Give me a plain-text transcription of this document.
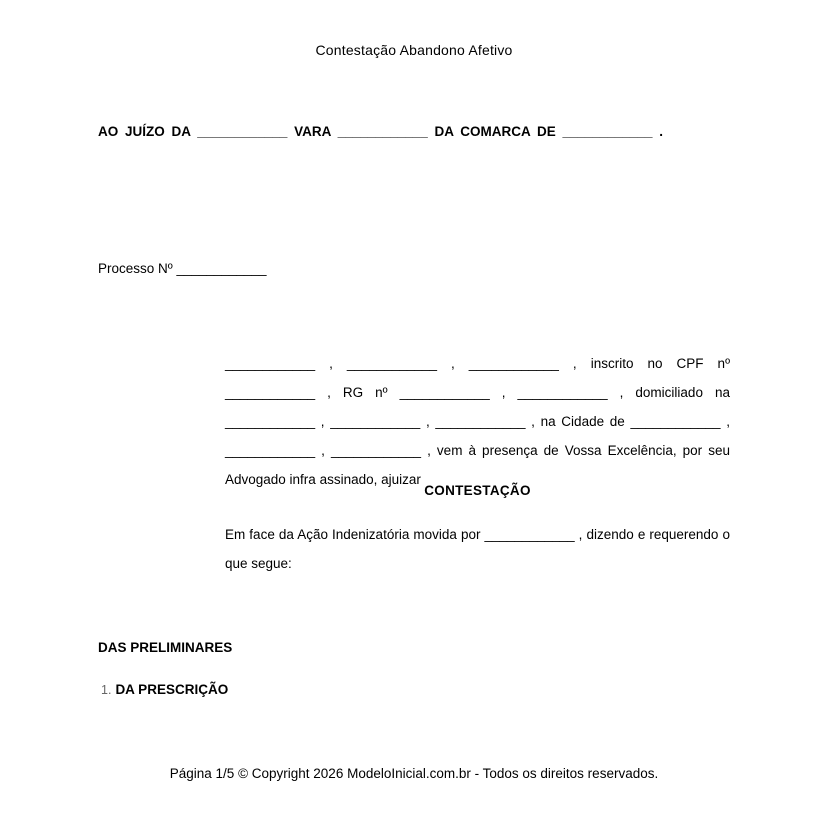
Contestação Abandono Afetivo
AO JUÍZO DA ____________ VARA ____________ DA COMARCA DE ____________ .
Processo Nº ____________
____________ , ____________ , ____________ , inscrito no CPF nº ____________ , RG nº ____________ , ____________ , domiciliado na ____________ , ____________ , ____________ , na Cidade de ____________ , ____________ , ____________ , vem à presença de Vossa Excelência, por seu Advogado infra assinado, ajuizar
CONTESTAÇÃO
Em face da Ação Indenizatória movida por ____________ , dizendo e requerendo o que segue:
DAS PRELIMINARES
1. DA PRESCRIÇÃO
Página 1/5 © Copyright 2026 ModeloInicial.com.br - Todos os direitos reservados.
